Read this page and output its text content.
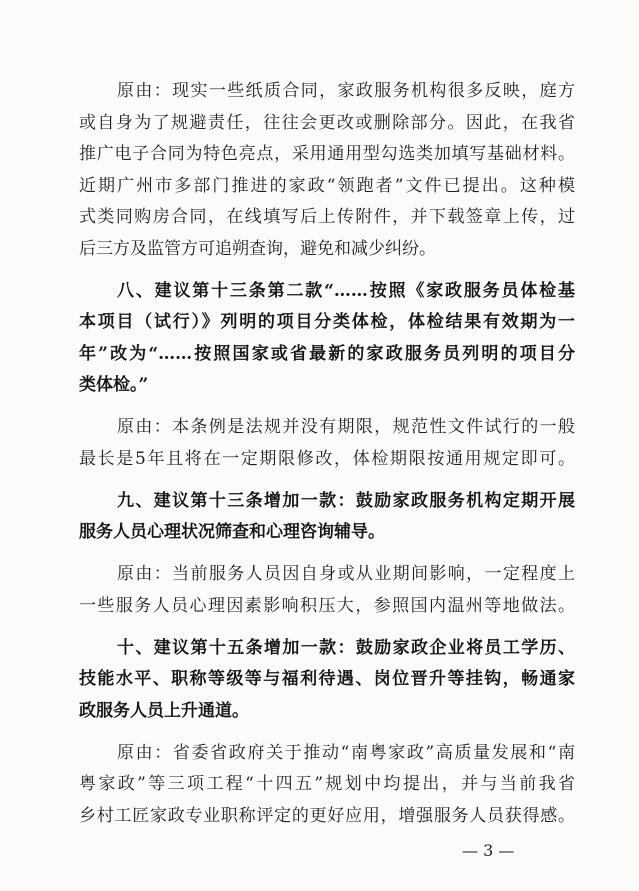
原由：现实一些纸质合同，家政服务机构很多反映，庭方
或自身为了规避责任，往往会更改或删除部分。因此，在我省
推广电子合同为特色亮点，采用通用型勾选类加填写基础材料。
近期广州市多部门推进的家政“领跑者”文件已提出。这种模
式类同购房合同，在线填写后上传附件，并下载签章上传，过
后三方及监管方可追朔查询，避免和减少纠纷。
八、建议第十三条第二款“……按照《家政服务员体检基
本项目（试行）》列明的项目分类体检，体检结果有效期为一
年”改为“……按照国家或省最新的家政服务员列明的项目分
类体检。”
原由：本条例是法规并没有期限，规范性文件试行的一般
最长是5年且将在一定期限修改，体检期限按通用规定即可。
九、建议第十三条增加一款：鼓励家政服务机构定期开展
服务人员心理状况筛查和心理咨询辅导。
原由：当前服务人员因自身或从业期间影响，一定程度上
一些服务人员心理因素影响积压大，参照国内温州等地做法。
十、建议第十五条增加一款：鼓励家政企业将员工学历、
技能水平、职称等级等与福利待遇、岗位晋升等挂钩，畅通家
政服务人员上升通道。
原由：省委省政府关于推动“南粤家政”高质量发展和“南
粤家政”等三项工程“十四五”规划中均提出，并与当前我省
乡村工匠家政专业职称评定的更好应用，增强服务人员获得感。
— 3 —
